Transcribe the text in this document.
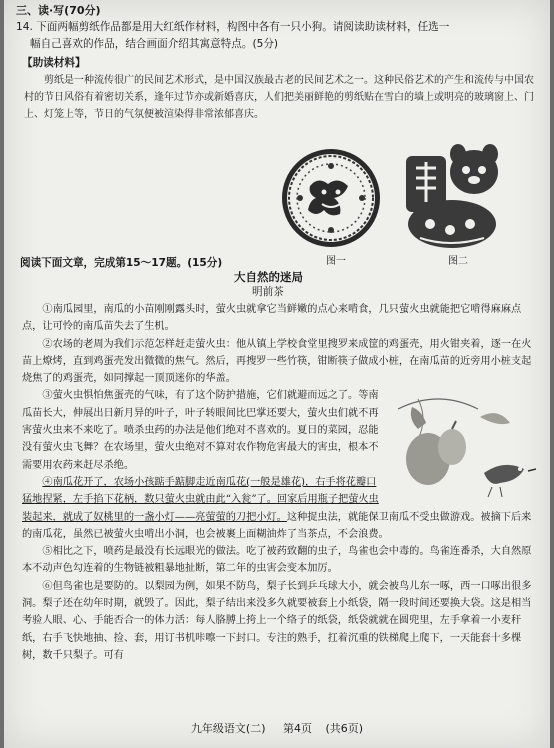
三、读·写(70分)
14. 下面两幅剪纸作品都是用大红纸作材料，构图中各有一只小狗。请阅读助读材料，任选一
幅自己喜欢的作品，结合画面介绍其寓意特点。(5分)
【助读材料】

剪纸是一种流传很广的民间艺术形式，是中国汉族最古老的民间艺术之一。这种民俗艺术的产生和流传与中国农村的节日风俗有着密切关系，逢年过节亦或新婚喜庆，人们把美丽鲜艳的剪纸贴在雪白的墙上或明亮的玻璃窗上、门上、灯笼上等，节日的气氛便被渲染得非常浓郁喜庆。

图一	图二
阅读下面文章，完成第15～17题。(15分)
大自然的迷局
明前茶

①南瓜园里，南瓜的小苗刚刚露头时，萤火虫就拿它当鲜嫩的点心来啃食，几只萤火虫就能把它啃得麻麻点点，让可怜的南瓜苗失去了生机。

②农场的老周为我们示范怎样赶走萤火虫：他从镇上学校食堂里搜罗来成筐的鸡蛋壳，用火钳夹着，逐一在火苗上燎烤，直到鸡蛋壳发出微微的焦气。然后，再搜罗一些竹筷，钳断筷子做成小桩，在南瓜苗的近旁用小桩支起烧焦了的鸡蛋壳，如同撑起一顶顶迷你的华盖。

③萤火虫惧怕焦蛋壳的气味，有了这个防护措施，它们就避而远之了。等南瓜苗长大，伸展出日新月异的叶子，叶子转眼间比巴掌还要大，萤火虫们就不再害萤火虫来不来吃了。喷杀虫药的办法是他们绝对不喜欢的。夏日的菜园，忍能没有萤火虫飞舞？在农场里，萤火虫绝对不算对农作物危害最大的害虫，根本不需要用农药来赶尽杀绝。

④南瓜花开了，农场小孩踮手踮脚走近南瓜花(一般是雄花)，右手将花瓣口猛地捏紧，左手掐下花柄，数只萤火虫就由此“入瓮”了。回家后用瓶子把萤火虫装起来，就成了奴桃里的一盏小灯——亮萤萤的刀把小灯。这种捉虫法，就能保卫南瓜不受虫做游戏。被摘下后来的南瓜花，虽然已被萤火虫啃出小洞，也会被裹上面糊油炸了当茶点，不会浪费。

⑤相比之下，喷药是最没有长远眼光的做法。吃了被药致翻的虫子，鸟雀也会中毒的。鸟雀连番杀，大自然原本不动声色勾连着的生物链被粗暴地扯断，第二年的虫害会变本加厉。

⑥但鸟雀也是要防的。以梨园为例，如果不防鸟，梨子长到乒乓球大小，就会被鸟儿东一啄，西一口啄出很多洞。梨子还在幼年时期，就毁了。因此，梨子结出来没多久就要被套上小纸袋，隔一段时间还要换大袋。这是相当考验人眼、心、手能否合一的体力活：每人胳膊上挎上一个络子的纸袋，纸袋就就在圆兜里，左手拿着一小麦秆纸，右手飞快地抽、捡、套，用订书机咔嚓一下封口。专注的熟手，扛着沉重的铁梯爬上爬下，一天能套十多棵树，数千只梨子。可有

九年级语文(二) 第4页 (共6页)
